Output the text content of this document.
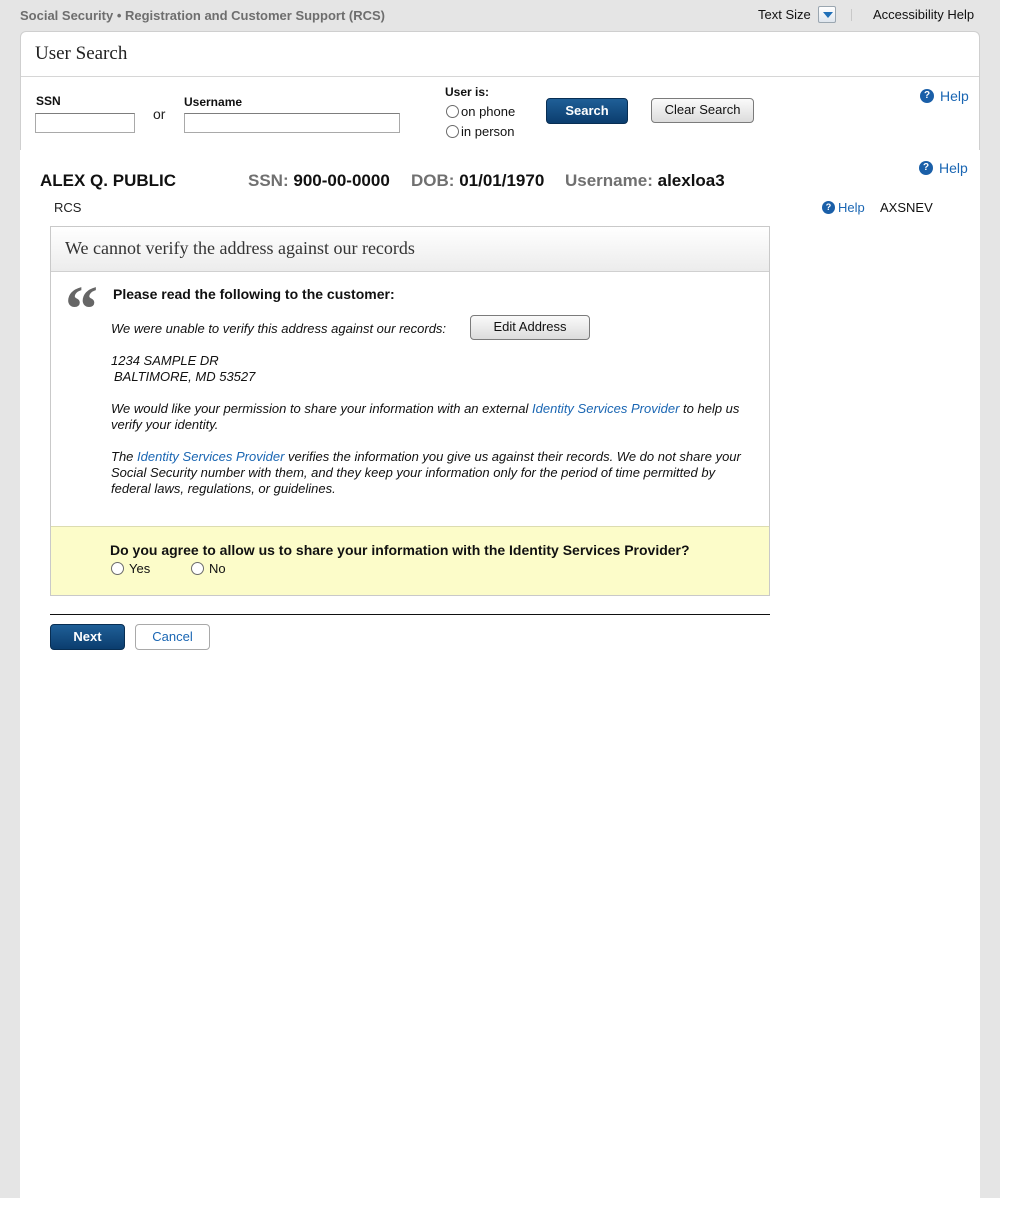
Social Security • Registration and Customer Support (RCS)	Text Size	Accessibility Help
User Search
SSN
or
Username
User is:
on phone
in person
Search	Clear Search
? Help
? Help
ALEX Q. PUBLIC	SSN: 900-00-0000 DOB: 01/01/1970 Username: alexloa3
RCS	? Help AXSNEV
We cannot verify the address against our records
“ Please read the following to the customer:
We were unable to verify this address against our records:	Edit Address
1234 SAMPLE DR
BALTIMORE, MD 53527
We would like your permission to share your information with an external Identity Services Provider to help us verify your identity.
The Identity Services Provider verifies the information you give us against their records. We do not share your Social Security number with them, and they keep your information only for the period of time permitted by federal laws, regulations, or guidelines.
Do you agree to allow us to share your information with the Identity Services Provider?
Yes	No
Next	Cancel
